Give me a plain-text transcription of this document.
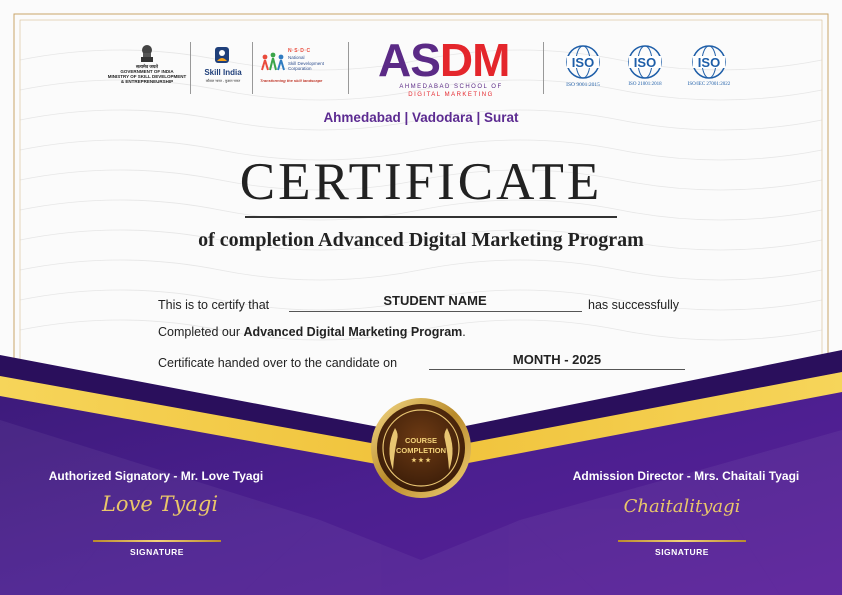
सत्यमेव जयते
GOVERNMENT OF INDIA
MINISTRY OF SKILL DEVELOPMENT
& ENTREPRENEURSHIP
Skill India
कौशल भारत - कुशल भारत
N·S·D·C
National
Skill Development
Corporation
Transforming the skill landscape	ASDM
AHMEDABAD SCHOOL OF
DIGITAL MARKETING
ISO
ISO 9001:2015
ISO
ISO 21001:2018
ISO
ISO/IEC 27001:2022
Ahmedabad | Vadodara | Surat
CERTIFICATE
of completion Advanced Digital Marketing Program
This is to certify that	STUDENT NAME	has successfully
Completed our Advanced Digital Marketing Program.
Certificate handed over to the candidate on	MONTH - 2025
COURSE
COMPLETION
★ ★ ★
Authorized Signatory - Mr. Love Tyagi
Love Tyagi
SIGNATURE
Admission Director - Mrs. Chaitali Tyagi
Chaitalityagi
SIGNATURE
